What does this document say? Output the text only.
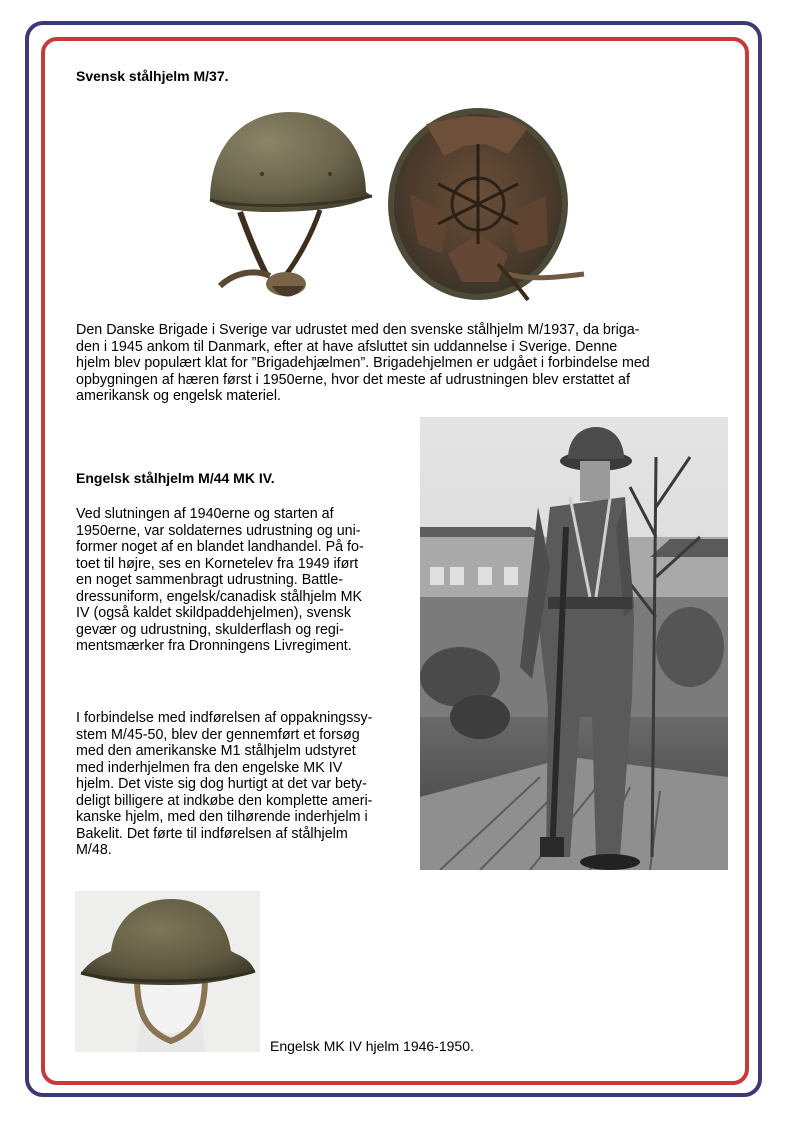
Svensk stålhjelm M/37.
Den Danske Brigade i Sverige var udrustet med den svenske stålhjelm M/1937, da briga-
den i 1945 ankom til Danmark, efter at have afsluttet sin uddannelse i Sverige. Denne
hjelm blev populært klat for ”Brigadehjælmen”. Brigadehjelmen er udgået i forbindelse med
opbygningen af hæren først i 1950erne, hvor det meste af udrustningen blev erstattet af
amerikansk og engelsk materiel.
Engelsk stålhjelm M/44 MK IV.
Ved slutningen af 1940erne og starten af
1950erne, var soldaternes udrustning og uni-
former noget af en blandet landhandel. På fo-
toet til højre, ses en Kornetelev fra 1949 iført
en noget sammenbragt udrustning. Battle-
dressuniform, engelsk/canadisk stålhjelm MK
IV (også kaldet skildpaddehjelmen), svensk
gevær og udrustning, skulderflash og regi-
mentsmærker fra Dronningens Livregiment.
I forbindelse med indførelsen af oppakningssy-
stem M/45-50, blev der gennemført et forsøg
med den amerikanske M1 stålhjelm udstyret
med inderhjelmen fra den engelske MK IV
hjelm. Det viste sig dog hurtigt at det var bety-
deligt billigere at indkøbe den komplette ameri-
kanske hjelm, med den tilhørende inderhjelm i
Bakelit. Det førte til indførelsen af stålhjelm
M/48.
Engelsk MK IV hjelm 1946-1950.
